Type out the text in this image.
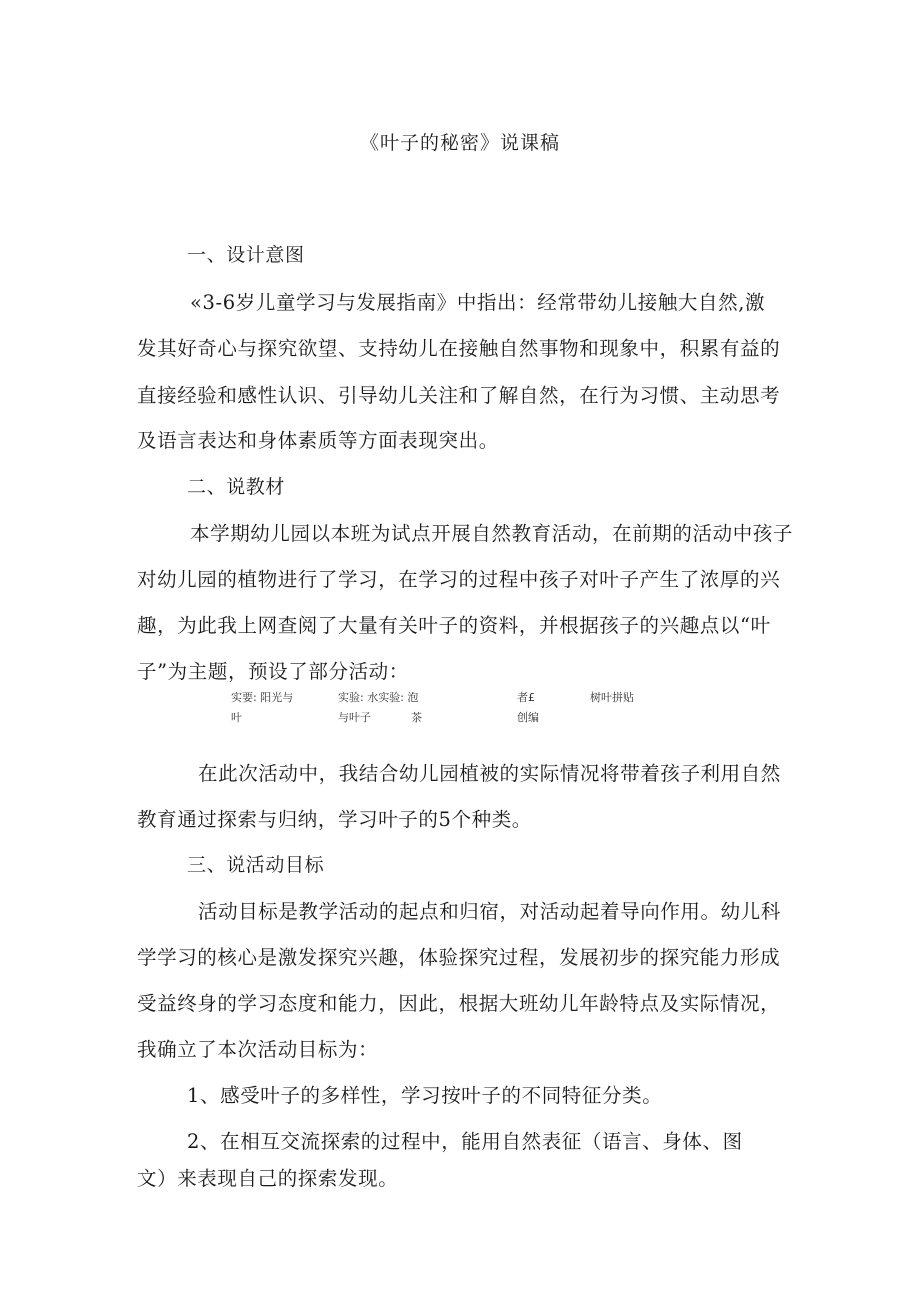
《叶子的秘密》说课稿
一、设计意图
«3-6岁儿童学习与发展指南》中指出：经常带幼儿接触大自然,激
发其好奇心与探究欲望、支持幼儿在接触自然事物和现象中，积累有益的
直接经验和感性认识、引导幼儿关注和了解自然，在行为习惯、主动思考
及语言表达和身体素质等方面表现突出。
二、说教材
本学期幼儿园以本班为试点开展自然教育活动，在前期的活动中孩子
对幼儿园的植物进行了学习，在学习的过程中孩子对叶子产生了浓厚的兴
趣，为此我上网查阅了大量有关叶子的资料，并根据孩子的兴趣点以“叶
子”为主题，预设了部分活动：
实要: 阳光与	实验: 水实验: 泡	者£	树叶拼贴
叶	与叶子	茶	创编
在此次活动中，我结合幼儿园植被的实际情况将带着孩子利用自然
教育通过探索与归纳，学习叶子的5个种类。
三、说活动目标
活动目标是教学活动的起点和归宿，对活动起着导向作用。幼儿科
学学习的核心是激发探究兴趣，体验探究过程，发展初步的探究能力形成
受益终身的学习态度和能力，因此，根据大班幼儿年龄特点及实际情况，
我确立了本次活动目标为：
1、感受叶子的多样性，学习按叶子的不同特征分类。
2、在相互交流探索的过程中，能用自然表征（语言、身体、图
文）来表现自己的探索发现。
